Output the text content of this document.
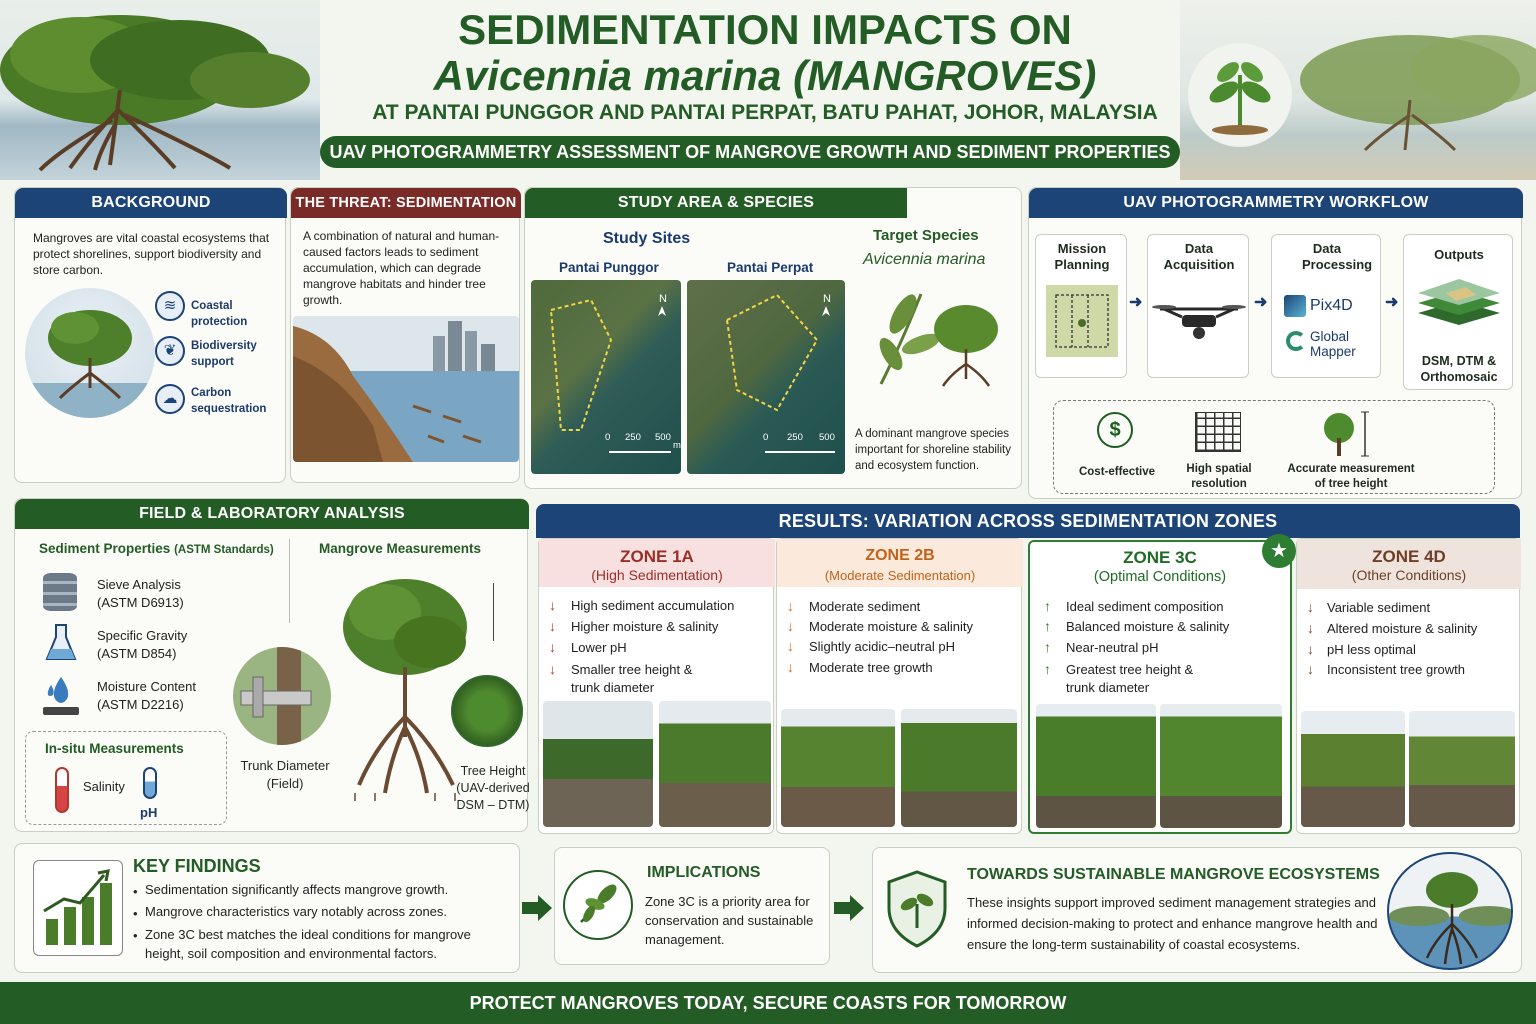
SEDIMENTATION IMPACTS ON
Avicennia marina (MANGROVES)
AT PANTAI PUNGGOR AND PANTAI PERPAT, BATU PAHAT, JOHOR, MALAYSIA
UAV PHOTOGRAMMETRY ASSESSMENT OF MANGROVE GROWTH AND SEDIMENT PROPERTIES
BACKGROUND
Mangroves are vital coastal ecosystems that protect shorelines, support biodiversity and store carbon.
≋	Coastal protection
❦	Biodiversity support
☁	Carbon sequestration
THE THREAT: SEDIMENTATION
A combination of natural and human-caused factors leads to sediment accumulation, which can degrade mangrove habitats and hinder tree growth.
STUDY AREA & SPECIES
Study Sites
Pantai Punggor	Pantai Perpat
N
0 250 500
m
N
0 250 500
Target Species
Avicennia marina
A dominant mangrove species important for shoreline stability and ecosystem function.
UAV PHOTOGRAMMETRY WORKFLOW
Mission Planning
➜
Data Acquisition
➜
Data Processing
Pix4D
Global Mapper
➜
Outputs
DSM, DTM & Orthomosaic
$
Cost-effective	High spatial resolution
Accurate measurement of tree height
FIELD & LABORATORY ANALYSIS
Sediment Properties (ASTM Standards)	Mangrove Measurements
Sieve Analysis
(ASTM D6913)
Specific Gravity
(ASTM D854)
Moisture Content
(ASTM D2216)
In-situ Measurements
Salinity
pH
Trunk Diameter (Field)
Tree Height (UAV-derived DSM – DTM)
RESULTS: VARIATION ACROSS SEDIMENTATION ZONES
ZONE 1A
(High Sedimentation)
↓	High sediment accumulation
↓	Higher moisture & salinity
↓	Lower pH
↓	Smaller tree height & trunk diameter
ZONE 2B
(Moderate Sedimentation)
↓	Moderate sediment
↓	Moderate moisture & salinity
↓	Slightly acidic–neutral pH
↓	Moderate tree growth
ZONE 3C
(Optimal Conditions)
★
↑	Ideal sediment composition
↑	Balanced moisture & salinity
↑	Near-neutral pH
↑	Greatest tree height & trunk diameter
ZONE 4D
(Other Conditions)
↓	Variable sediment
↓	Altered moisture & salinity
↓	pH less optimal
↓	Inconsistent tree growth
KEY FINDINGS
• Sedimentation significantly affects mangrove growth.
• Mangrove characteristics vary notably across zones.
• Zone 3C best matches the ideal conditions for mangrove height, soil composition and environmental factors.
IMPLICATIONS
Zone 3C is a priority area for conservation and sustainable management.
TOWARDS SUSTAINABLE MANGROVE ECOSYSTEMS
These insights support improved sediment management strategies and informed decision-making to protect and enhance mangrove health and ensure the long-term sustainability of coastal ecosystems.
PROTECT MANGROVES TODAY, SECURE COASTS FOR TOMORROW
